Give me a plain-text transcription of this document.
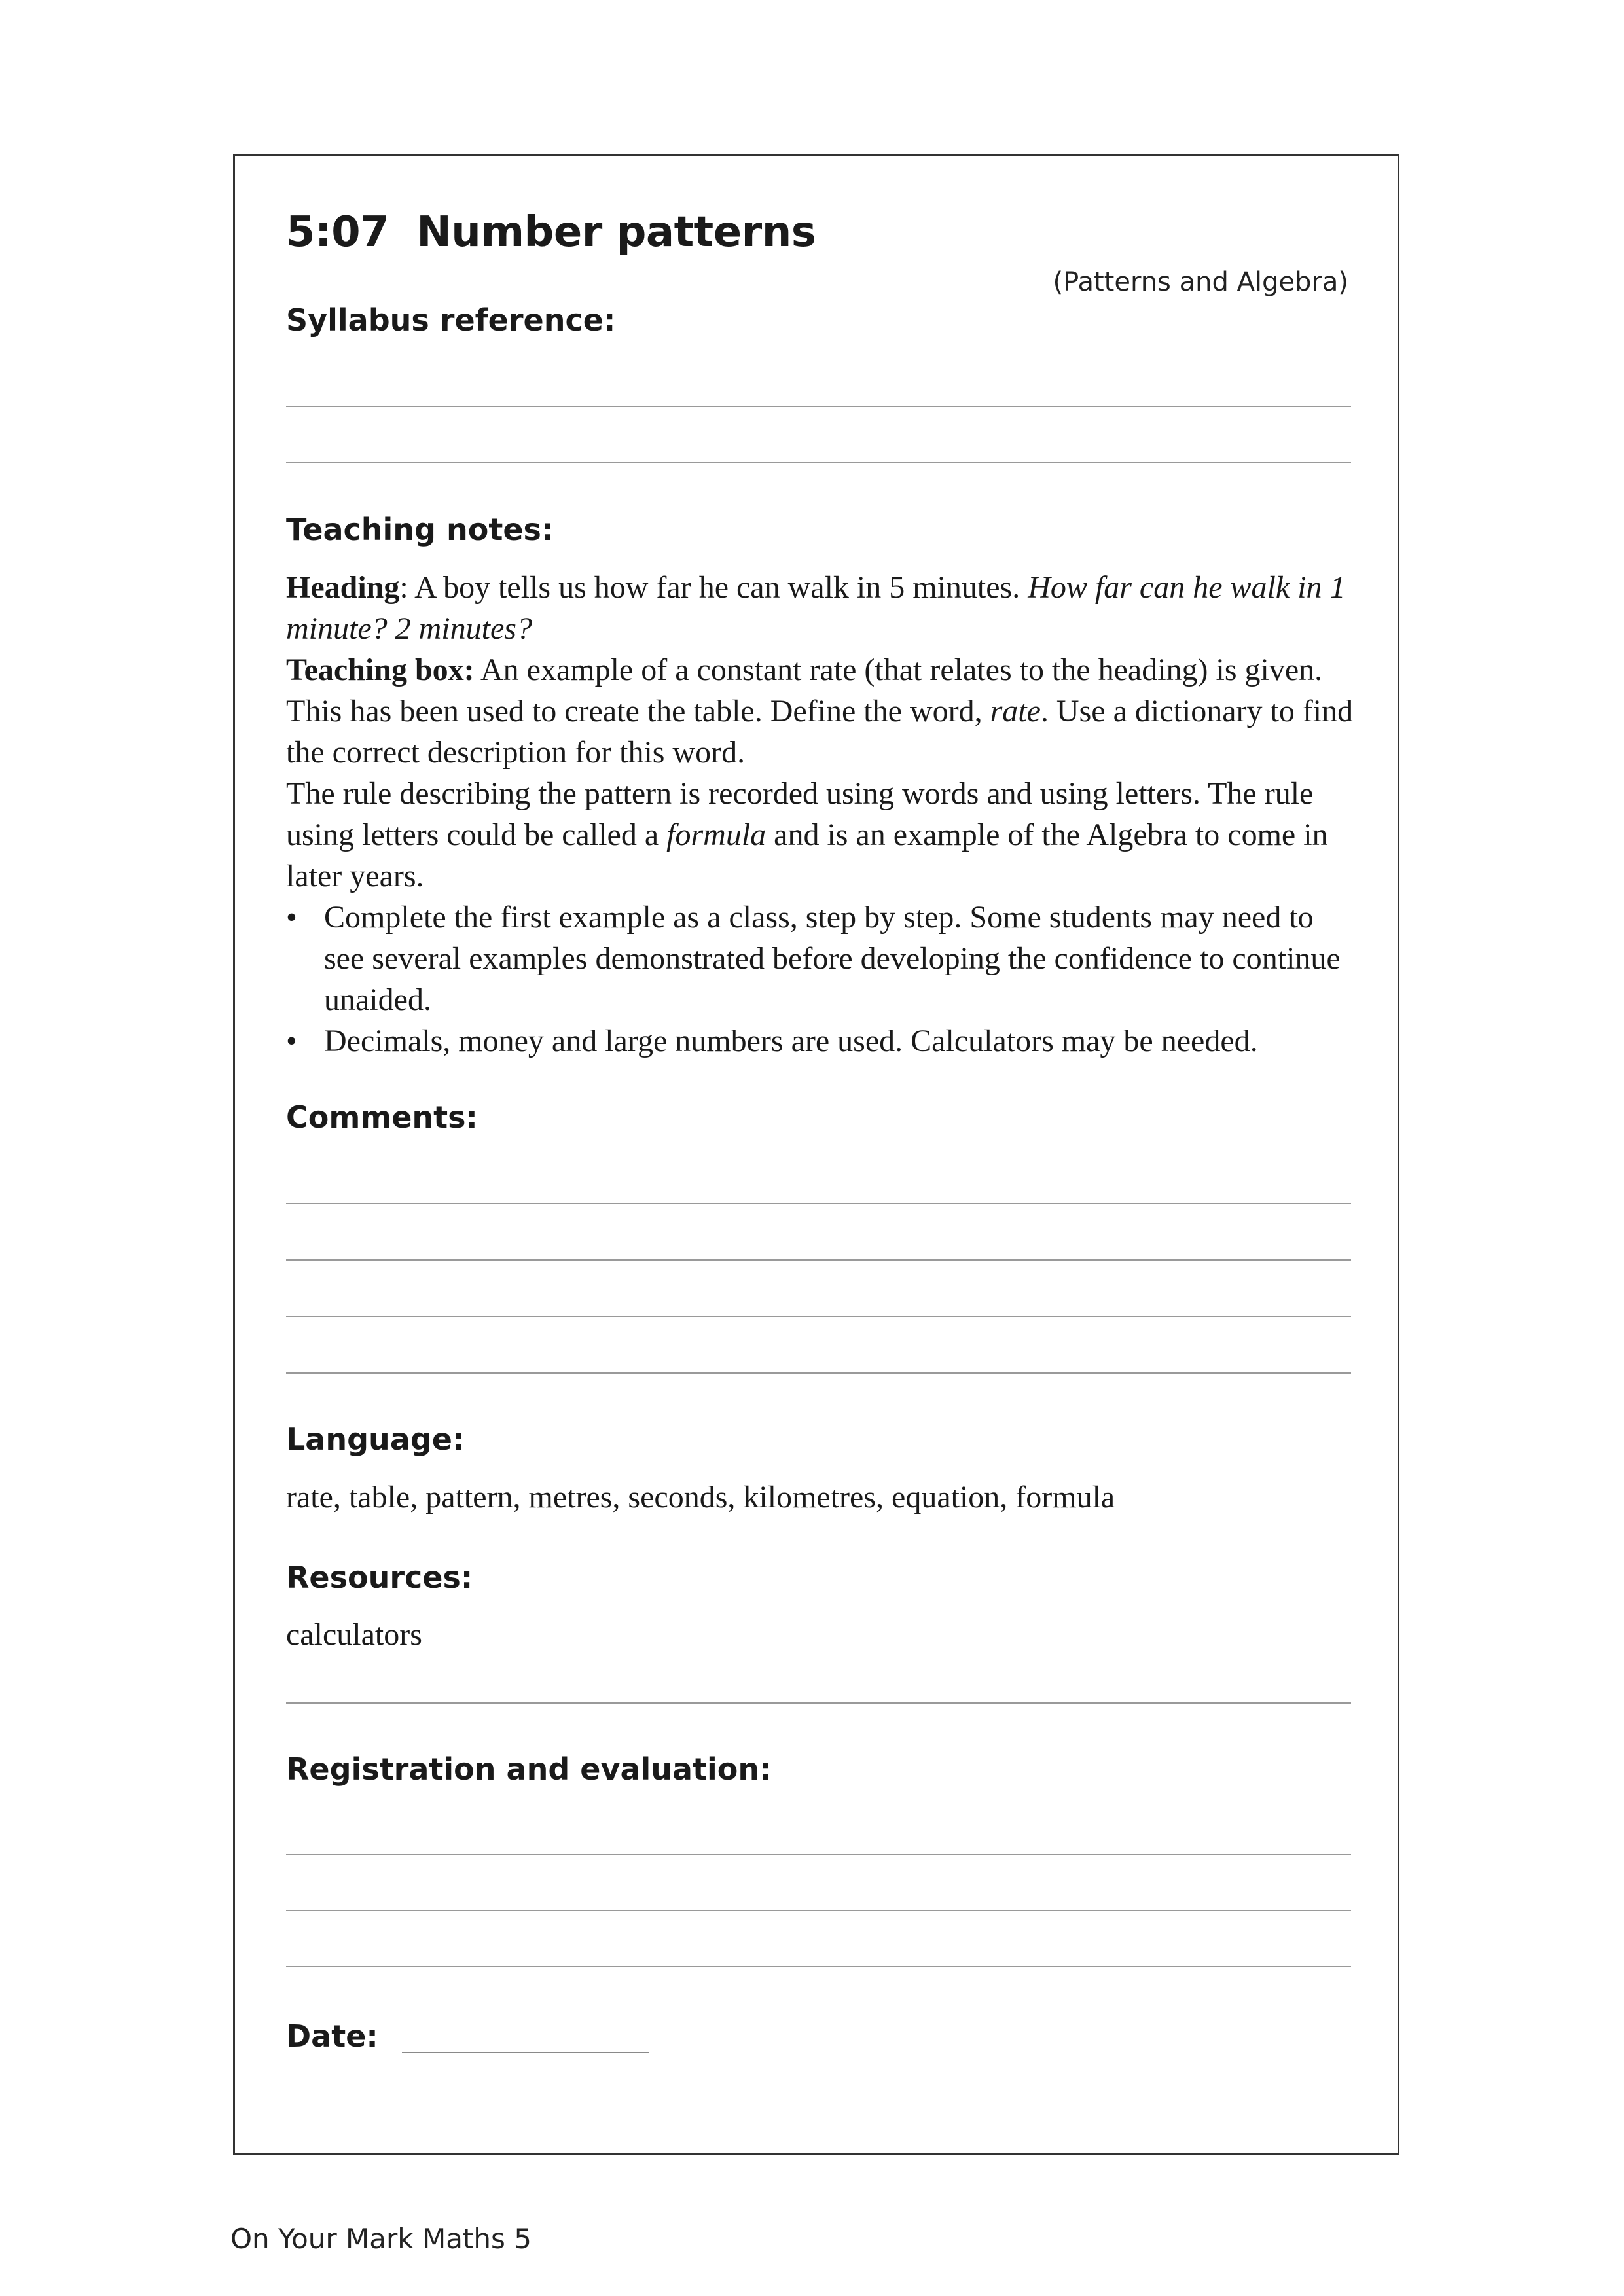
5:07 Number patterns
(Patterns and Algebra)
Syllabus reference:
Teaching notes:

Heading: A boy tells us how far he can walk in 5 minutes. How far can he walk in 1 minute? 2 minutes?

Teaching box: An example of a constant rate (that relates to the heading) is given. This has been used to create the table. Define the word, rate. Use a dictionary to find the correct description for this word.

The rule describing the pattern is recorded using words and using letters. The rule using letters could be called a formula and is an example of the Algebra to come in later years.

• Complete the first example as a class, step by step. Some students may need to see several examples demonstrated before developing the confidence to continue unaided.
• Decimals, money and large numbers are used. Calculators may be needed.
Comments:
Language:
rate, table, pattern, metres, seconds, kilometres, equation, formula
Resources:
calculators
Registration and evaluation:
Date:
On Your Mark Maths 5
